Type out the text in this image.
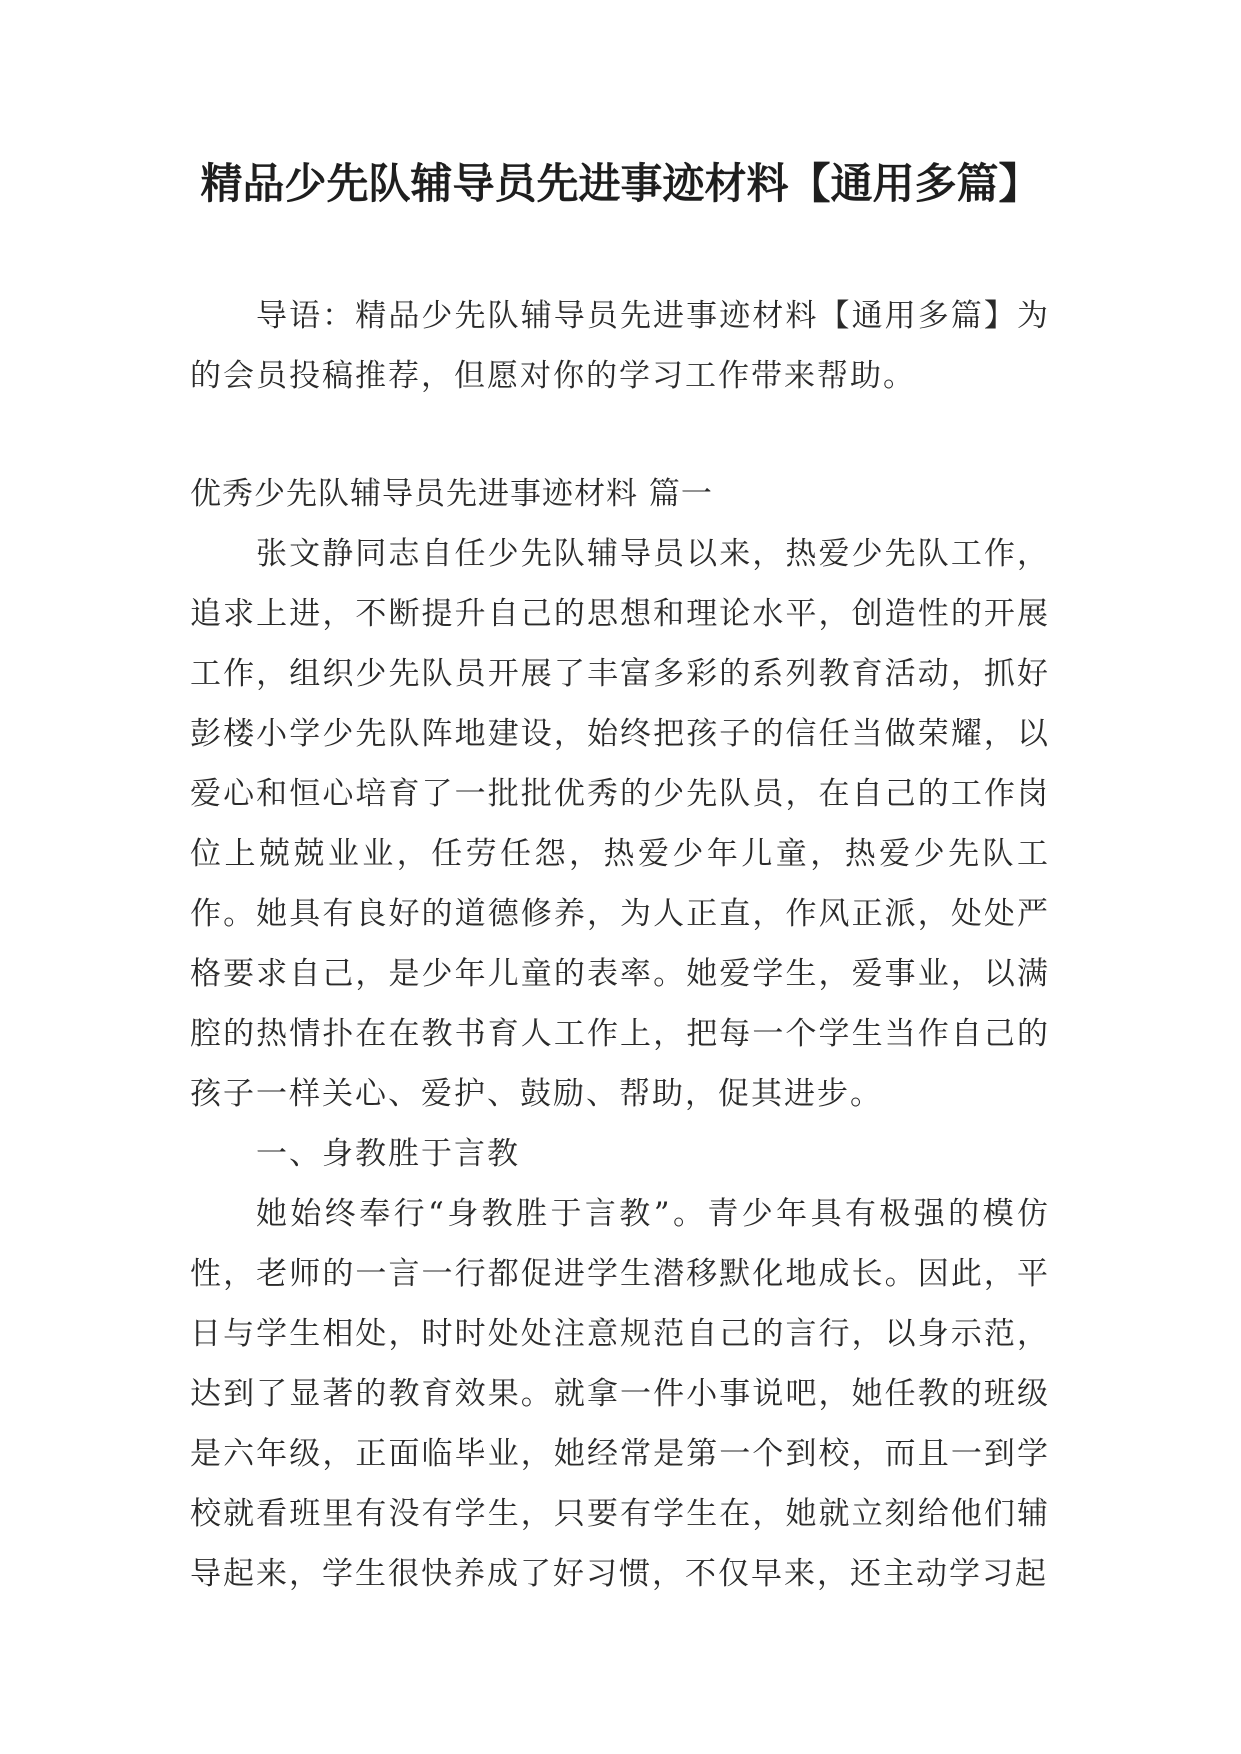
精品少先队辅导员先进事迹材料【通用多篇】

导语：精品少先队辅导员先进事迹材料【通用多篇】为的会员投稿推荐，但愿对你的学习工作带来帮助。

优秀少先队辅导员先进事迹材料 篇一

张文静同志自任少先队辅导员以来，热爱少先队工作，追求上进，不断提升自己的思想和理论水平，创造性的开展工作，组织少先队员开展了丰富多彩的系列教育活动，抓好彭楼小学少先队阵地建设，始终把孩子的信任当做荣耀，以爱心和恒心培育了一批批优秀的少先队员，在自己的工作岗位上兢兢业业，任劳任怨，热爱少年儿童，热爱少先队工作。她具有良好的道德修养，为人正直，作风正派，处处严格要求自己，是少年儿童的表率。她爱学生，爱事业，以满腔的热情扑在在教书育人工作上，把每一个学生当作自己的孩子一样关心、爱护、鼓励、帮助，促其进步。

一、身教胜于言教

她始终奉行“身教胜于言教”。青少年具有极强的模仿性，老师的一言一行都促进学生潜移默化地成长。因此，平日与学生相处，时时处处注意规范自己的言行，以身示范，达到了显著的教育效果。就拿一件小事说吧，她任教的班级是六年级，正面临毕业，她经常是第一个到校，而且一到学校就看班里有没有学生，只要有学生在，她就立刻给他们辅导起来，学生很快养成了好习惯，不仅早来，还主动学习起
